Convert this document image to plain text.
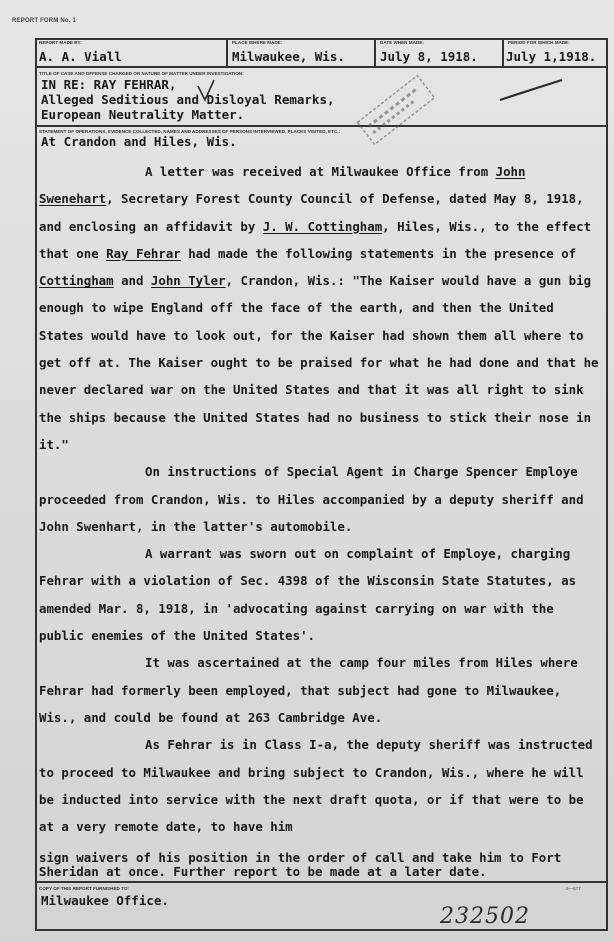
REPORT FORM No. 1
REPORT MADE BY:
A. A. Viall
PLACE WHERE MADE:
Milwaukee, Wis.
DATE WHEN MADE:
July 8, 1918.
PERIOD FOR WHICH MADE:
July 1,1918.
TITLE OF CASE AND OFFENSE CHARGED OR NATURE OF MATTER UNDER INVESTIGATION:
IN RE: RAY FEHRAR,
Alleged Seditious and Disloyal Remarks,
European Neutrality Matter.
STATEMENT OF OPERATIONS, EVIDENCE COLLECTED, NAMES AND ADDRESSES OF PERSONS INTERVIEWED, PLACES VISITED, ETC.:
At Crandon and Hiles, Wis.

A letter was received at Milwaukee Office from John Swenehart, Secretary Forest County Council of Defense, dated May 8, 1918, and enclosing an affidavit by J. W. Cottingham, Hiles, Wis., to the effect that one Ray Fehrar had made the following statements in the presence of Cottingham and John Tyler, Crandon, Wis.: "The Kaiser would have a gun big enough to wipe England off the face of the earth, and then the United States would have to look out, for the Kaiser had shown them all where to get off at. The Kaiser ought to be praised for what he had done and that he never declared war on the United States and that it was all right to sink the ships because the United States had no business to stick their nose in it."

On instructions of Special Agent in Charge Spencer Employe proceeded from Crandon, Wis. to Hiles accompanied by a deputy sheriff and John Swenhart, in the latter's automobile.

A warrant was sworn out on complaint of Employe, charging Fehrar with a violation of Sec. 4398 of the Wisconsin State Statutes, as amended Mar. 8, 1918, in 'advocating against carrying on war with the public enemies of the United States'.

It was ascertained at the camp four miles from Hiles where Fehrar had formerly been employed, that subject had gone to Milwaukee, Wis., and could be found at 263 Cambridge Ave.

As Fehrar is in Class I-a, the deputy sheriff was instructed to proceed to Milwaukee and bring subject to Crandon, Wis., where he will be inducted into service with the next draft quota, or if that were to be at a very remote date, to have him

sign waivers of his position in the order of call and take him to Fort Sheridan at once. Further report to be made at a later date.
COPY OF THIS REPORT FURNISHED TO:	5—677
Milwaukee Office.
232502
